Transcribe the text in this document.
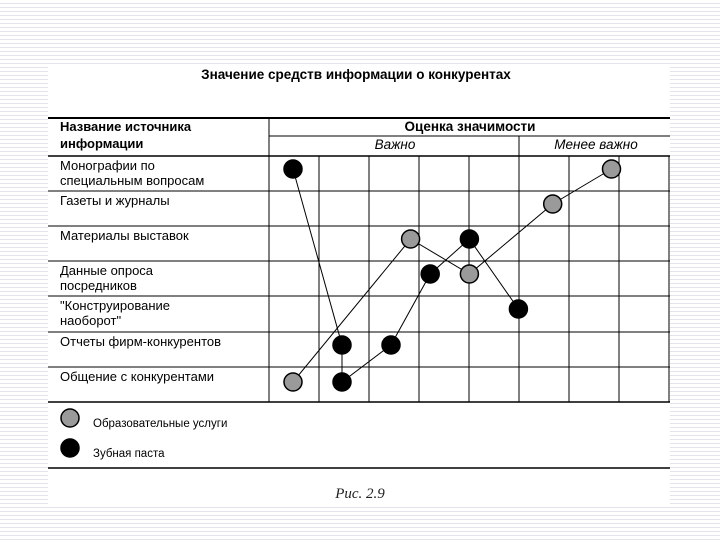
Значение средств информации о конкурентах
Название источника информации
Оценка значимости
Важно	Менее важно
Монографии по специальным вопросам
Газеты и журналы
Материалы выставок
Данные опроса посредников
"Конструирование наоборот"
Отчеты фирм-конкурентов
Общение с конкурентами
Образовательные услуги
Зубная паста
Рис. 2.9
